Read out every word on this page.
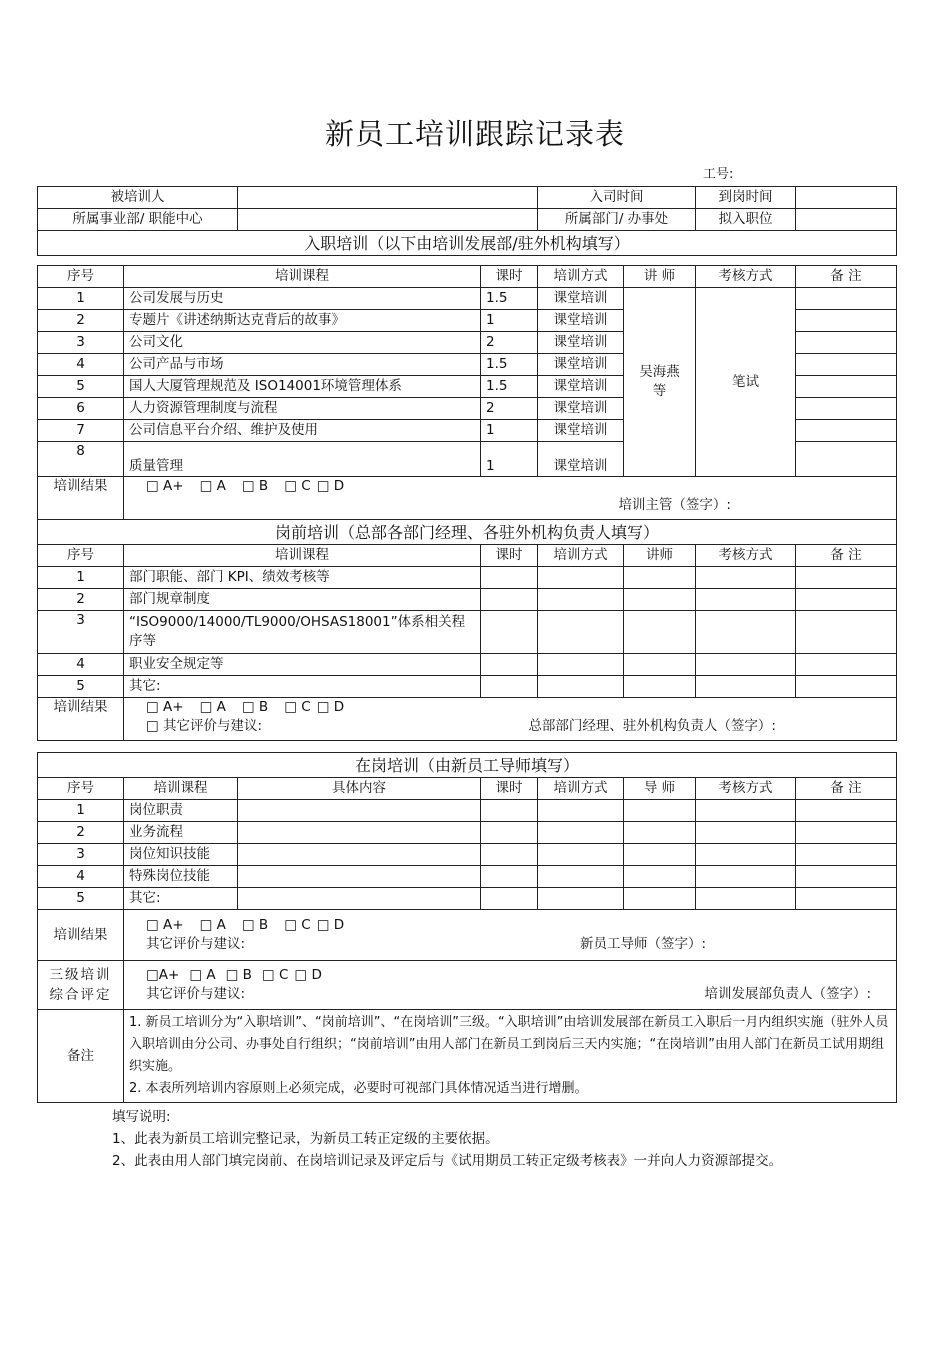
新员工培训跟踪记录表
工号:
被培训人		入司时间	到岗时间	
所属事业部/ 职能中心		所属部门/ 办事处	拟入职位	
入职培训（以下由培训发展部/驻外机构填写）				
序号	培训课程	课时	培训方式	讲 师	考核方式	备 注
1	公司发展与历史	1.5	课堂培训	吴海燕等	笔试	
2	专题片《讲述纳斯达克背后的故事》	1	课堂培训			
3	公司文化	2	课堂培训			
4	公司产品与市场	1.5	课堂培训			
5	国人大厦管理规范及 ISO14001环境管理体系	1.5	课堂培训			
6	人力资源管理制度与流程	2	课堂培训			
7	公司信息平台介绍、维护及使用	1	课堂培训			
8	质量管理	1	课堂培训			
培训结果	□ A+ □ A □ B □ C □ D
培训主管（签字）:					

岗前培训（总部各部门经理、各驻外机构负责人填写）						
序号	培训课程	课时	培训方式	讲师	考核方式	备 注
1	部门职能、部门 KPI、绩效考核等					
2	部门规章制度					
3	“ISO9000/14000/TL9000/OHSAS18001”体系相关程序等					
4	职业安全规定等					
5	其它:					
培训结果	□ A+ □ A □ B □ C □ D
□ 其它评价与建议: 总部部门经理、驻外机构负责人（签字）:					
在岗培训（由新员工导师填写）							
序号	培训课程	具体内容	课时	培训方式	导 师	考核方式	备 注
1	岗位职责						
2	业务流程						
3	岗位知识技能						
4	特殊岗位技能						
5	其它:						
培训结果	□ A+ □ A □ B □ C □ D
其它评价与建议: 新员工导师（签字）:						

三级培训综合评定	□A+ □ A □ B □ C □ D
其它评价与建议: 培训发展部负责人（签字）:						

备注	1. 新员工培训分为“入职培训”、“岗前培训”、“在岗培训”三级。“入职培训”由培训发展部在新员工入职后一月内组织实施（驻外人员入职培训由分公司、办事处自行组织；“岗前培训”由用人部门在新员工到岗后三天内实施；“在岗培训”由用人部门在新员工试用期组织实施。
2. 本表所列培训内容原则上必须完成，必要时可视部门具体情况适当进行增删。						
填写说明:
1、此表为新员工培训完整记录，为新员工转正定级的主要依据。
2、此表由用人部门填完岗前、在岗培训记录及评定后与《试用期员工转正定级考核表》一并向人力资源部提交。
